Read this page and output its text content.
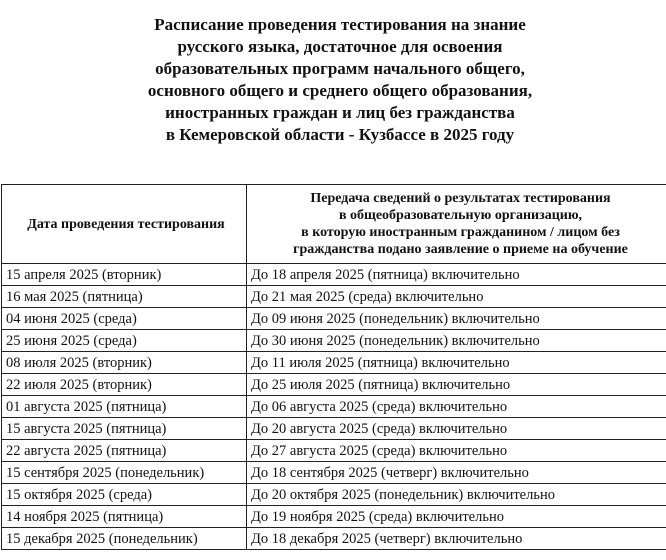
Расписание проведения тестирования на знание
русского языка, достаточное для освоения
образовательных программ начального общего,
основного общего и среднего общего образования,
иностранных граждан и лиц без гражданства
в Кемеровской области - Кузбассе в 2025 году
Дата проведения тестирования	Передача сведений о результатах тестирования
в общеобразовательную организацию,
в которую иностранным гражданином / лицом без
гражданства подано заявление о приеме на обучение

15 апреля 2025 (вторник)	До 18 апреля 2025 (пятница) включительно
16 мая 2025 (пятница)	До 21 мая 2025 (среда) включительно
04 июня 2025 (среда)	До 09 июня 2025 (понедельник) включительно
25 июня 2025 (среда)	До 30 июня 2025 (понедельник) включительно
08 июля 2025 (вторник)	До 11 июля 2025 (пятница) включительно
22 июля 2025 (вторник)	До 25 июля 2025 (пятница) включительно
01 августа 2025 (пятница)	До 06 августа 2025 (среда) включительно
15 августа 2025 (пятница)	До 20 августа 2025 (среда) включительно
22 августа 2025 (пятница)	До 27 августа 2025 (среда) включительно
15 сентября 2025 (понедельник)	До 18 сентября 2025 (четверг) включительно
15 октября 2025 (среда)	До 20 октября 2025 (понедельник) включительно
14 ноября 2025 (пятница)	До 19 ноября 2025 (среда) включительно
15 декабря 2025 (понедельник)	До 18 декабря 2025 (четверг) включительно
